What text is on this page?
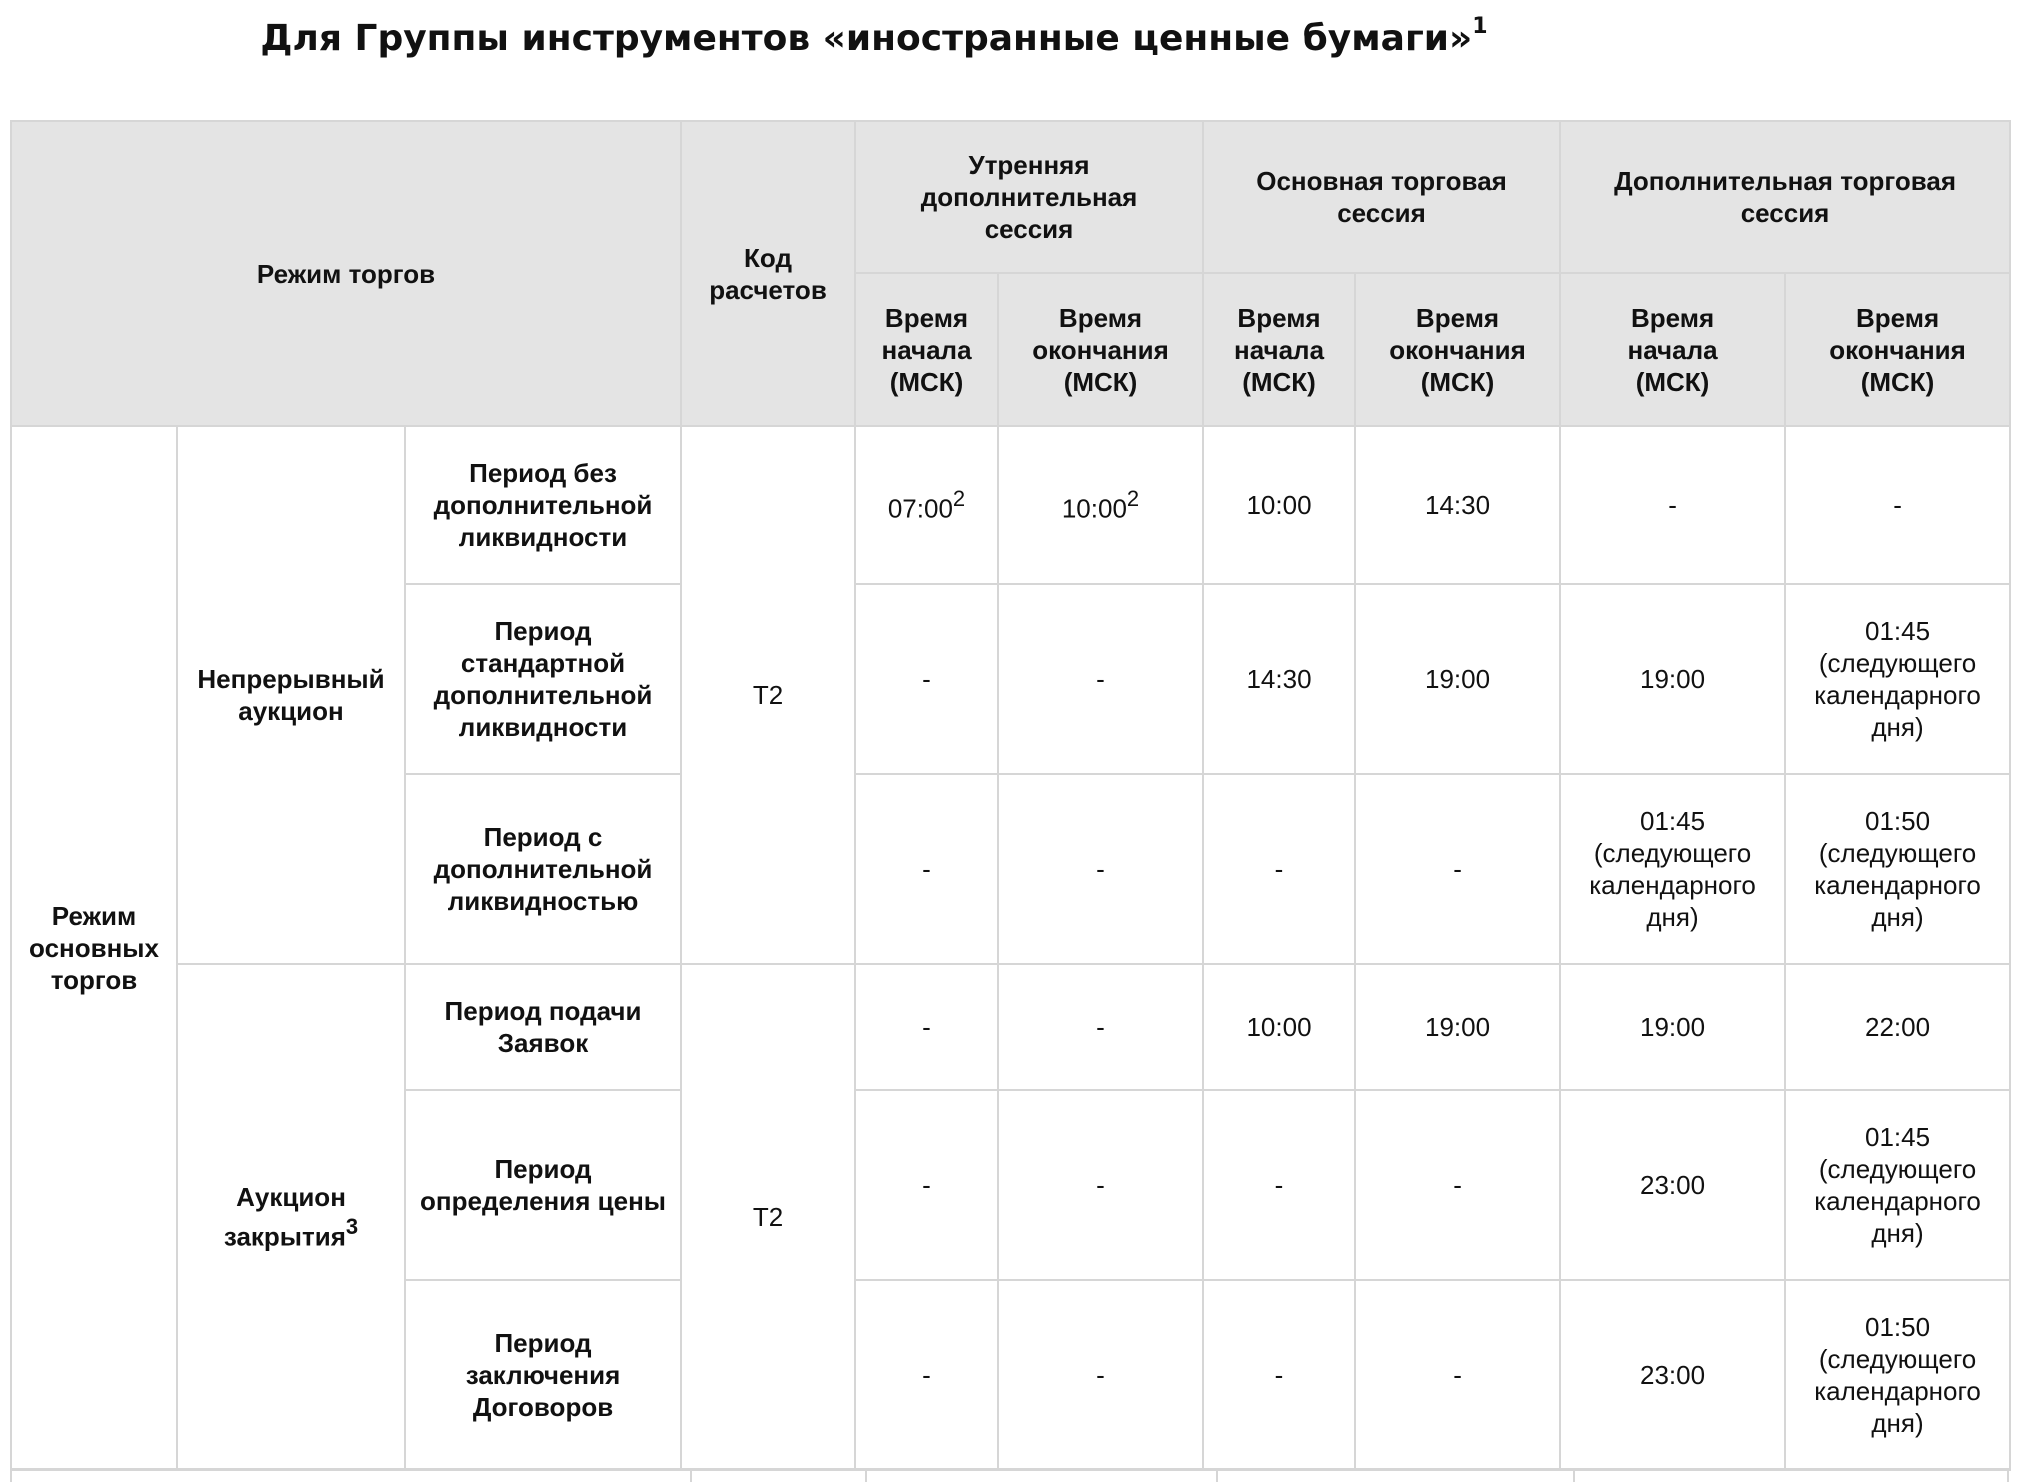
Для Группы инструментов «иностранные ценные бумаги»$^1$
Режим торгов			Код
расчетов	Утренняя
дополнительная
сессия		Основная торговая
сессия		Дополнительная торговая
сессия	

				Время
начала
(МСК)	Время
окончания
(МСК)	Время
начала
(МСК)	Время
окончания
(МСК)	Время
начала
(МСК)	Время
окончания
(МСК)

Режим
основных
торгов	Непрерывный
аукцион	Период без
дополнительной
ликвидности	Т2	07:00$^2$	10:00$^2$	10:00	14:30	-	-

		Период
стандартной
дополнительной
ликвидности		-	-	14:30	19:00	19:00	01:45
(следующего
календарного
дня)

		Период с
дополнительной
ликвидностью		-	-	-	-	01:45
(следующего
календарного
дня)	01:50
(следующего
календарного
дня)

	Аукцион
закрытия$^3$	Период подачи
Заявок	Т2	-	-	10:00	19:00	19:00	22:00

		Период
определения цены		-	-	-	-	23:00	01:45
(следующего
календарного
дня)

		Период
заключения
Договоров		-	-	-	-	23:00	01:50
(следующего
календарного
дня)
